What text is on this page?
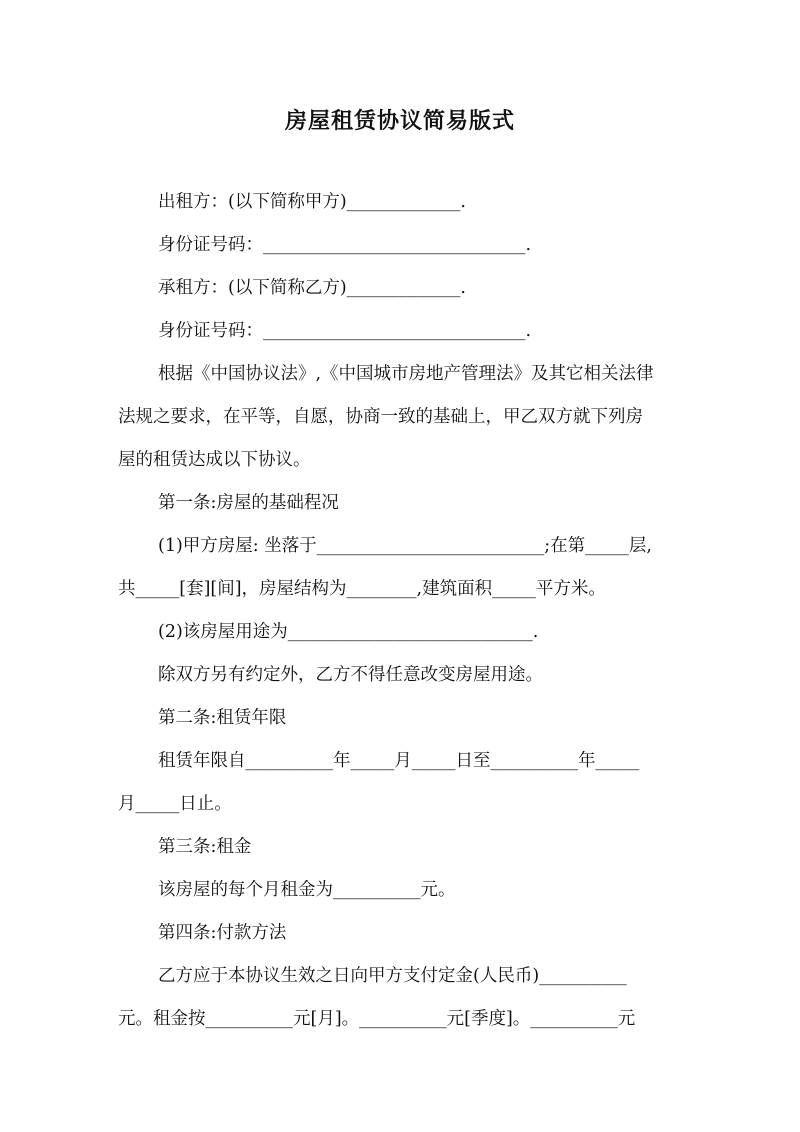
房屋租赁协议简易版式
出租方：(以下简称甲方)_____________.
身份证号码：______________________________.
承租方：(以下简称乙方)_____________.
身份证号码：______________________________.
根据《中国协议法》,《中国城市房地产管理法》及其它相关法律
法规之要求，在平等，自愿，协商一致的基础上，甲乙双方就下列房
屋的租赁达成以下协议。
第一条:房屋的基础程况
(1)甲方房屋: 坐落于__________________________;在第_____层,
共_____[套][间]，房屋结构为________,建筑面积_____平方米。
(2)该房屋用途为____________________________.
除双方另有约定外，乙方不得任意改变房屋用途。
第二条:租赁年限
租赁年限自__________年_____月_____日至__________年_____
月_____日止。
第三条:租金
该房屋的每个月租金为__________元。
第四条:付款方法
乙方应于本协议生效之日向甲方支付定金(人民币)__________
元。租金按__________元[月]。__________元[季度]。__________元
